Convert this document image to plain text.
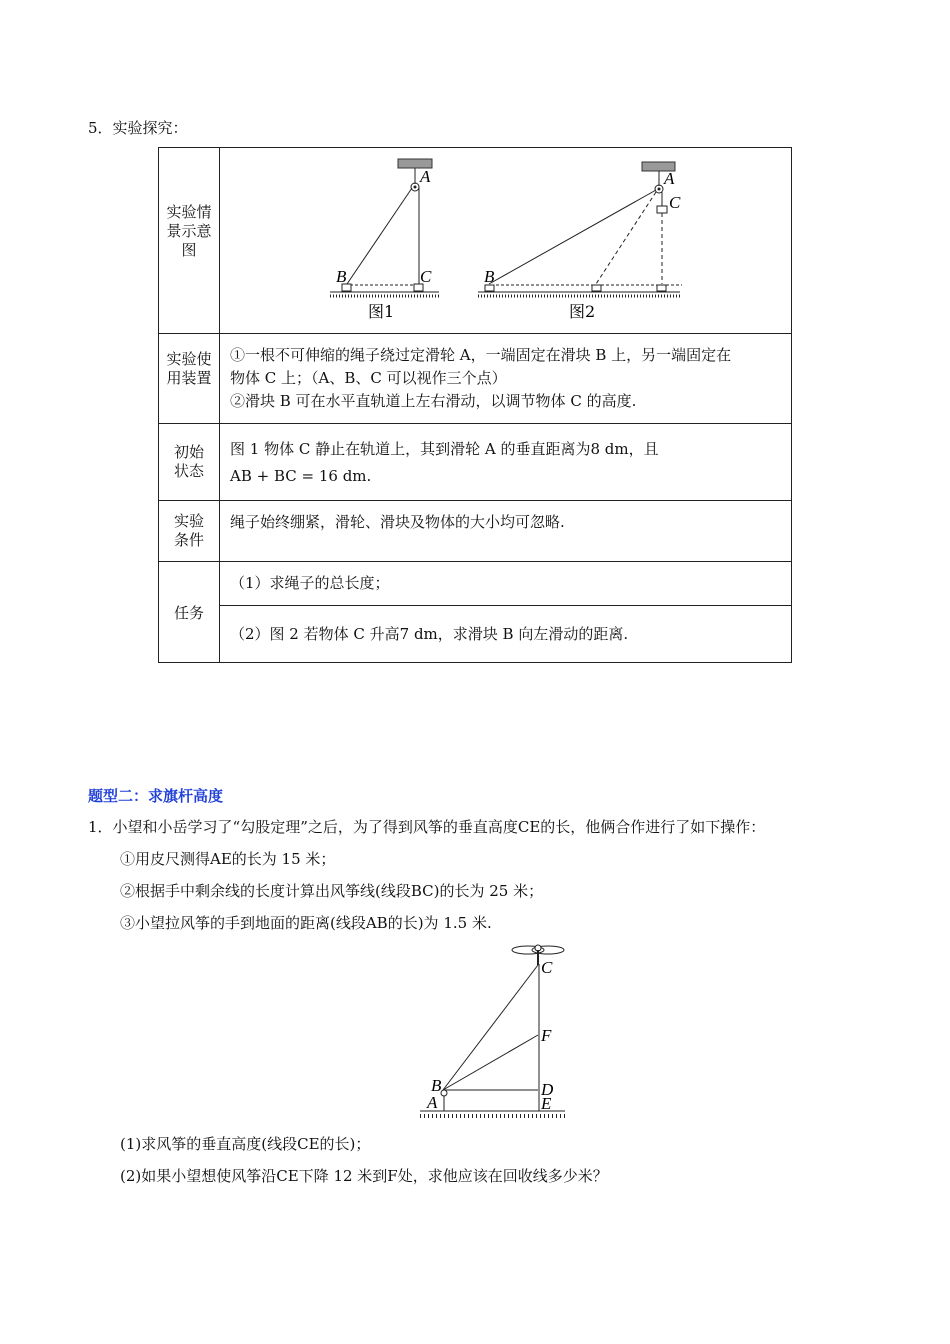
5．实验探究：
实验情景示意图
A
B	C
图1
A
C
B
图2
实验使用装置
①一根不可伸缩的绳子绕过定滑轮 A，一端固定在滑块 B 上，另一端固定在
物体 C 上；（A、B、C 可以视作三个点）
②滑块 B 可在水平直轨道上左右滑动，以调节物体 C 的高度.
初始状态
图 1 物体 C 静止在轨道上，其到滑轮 A 的垂直距离为8 dm，且
AB + BC = 16 dm.
实验条件
绳子始终绷紧，滑轮、滑块及物体的大小均可忽略.
任务
（1）求绳子的总长度；
（2）图 2 若物体 C 升高7 dm，求滑块 B 向左滑动的距离.
题型二：求旗杆高度
1．小望和小岳学习了“勾股定理”之后，为了得到风筝的垂直高度CE的长，他俩合作进行了如下操作：
①用皮尺测得AE的长为 15 米；
②根据手中剩余线的长度计算出风筝线(线段BC)的长为 25 米；
③小望拉风筝的手到地面的距离(线段AB的长)为 1.5 米.
C
F
B
A
D
E
(1)求风筝的垂直高度(线段CE的长)；
(2)如果小望想使风筝沿CE下降 12 米到F处，求他应该在回收线多少米？
